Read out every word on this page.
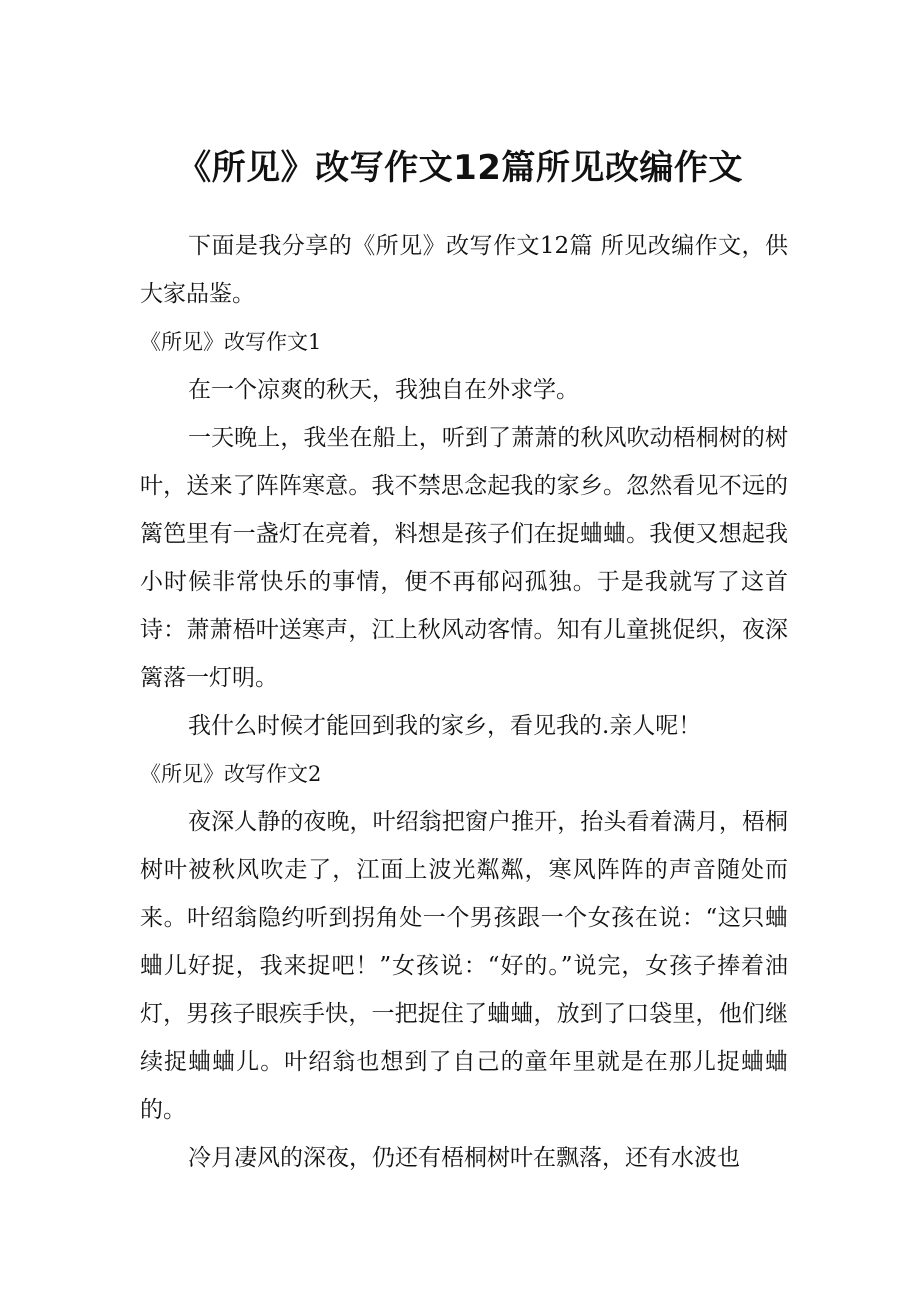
《所见》改写作文12篇所见改编作文

下面是我分享的《所见》改写作文12篇 所见改编作文，供大家品鉴。

《所见》改写作文1

在一个凉爽的秋天，我独自在外求学。

一天晚上，我坐在船上，听到了萧萧的秋风吹动梧桐树的树叶，送来了阵阵寒意。我不禁思念起我的家乡。忽然看见不远的篱笆里有一盏灯在亮着，料想是孩子们在捉蛐蛐。我便又想起我小时候非常快乐的事情，便不再郁闷孤独。于是我就写了这首诗：萧萧梧叶送寒声，江上秋风动客情。知有儿童挑促织，夜深篱落一灯明。

我什么时候才能回到我的家乡，看见我的.亲人呢！

《所见》改写作文2

夜深人静的夜晚，叶绍翁把窗户推开，抬头看着满月，梧桐树叶被秋风吹走了，江面上波光粼粼，寒风阵阵的声音随处而来。叶绍翁隐约听到拐角处一个男孩跟一个女孩在说：“这只蛐蛐儿好捉，我来捉吧！”女孩说：“好的。”说完，女孩子捧着油灯，男孩子眼疾手快，一把捉住了蛐蛐，放到了口袋里，他们继续捉蛐蛐儿。叶绍翁也想到了自己的童年里就是在那儿捉蛐蛐的。

冷月凄风的深夜，仍还有梧桐树叶在飘落，还有水波也
